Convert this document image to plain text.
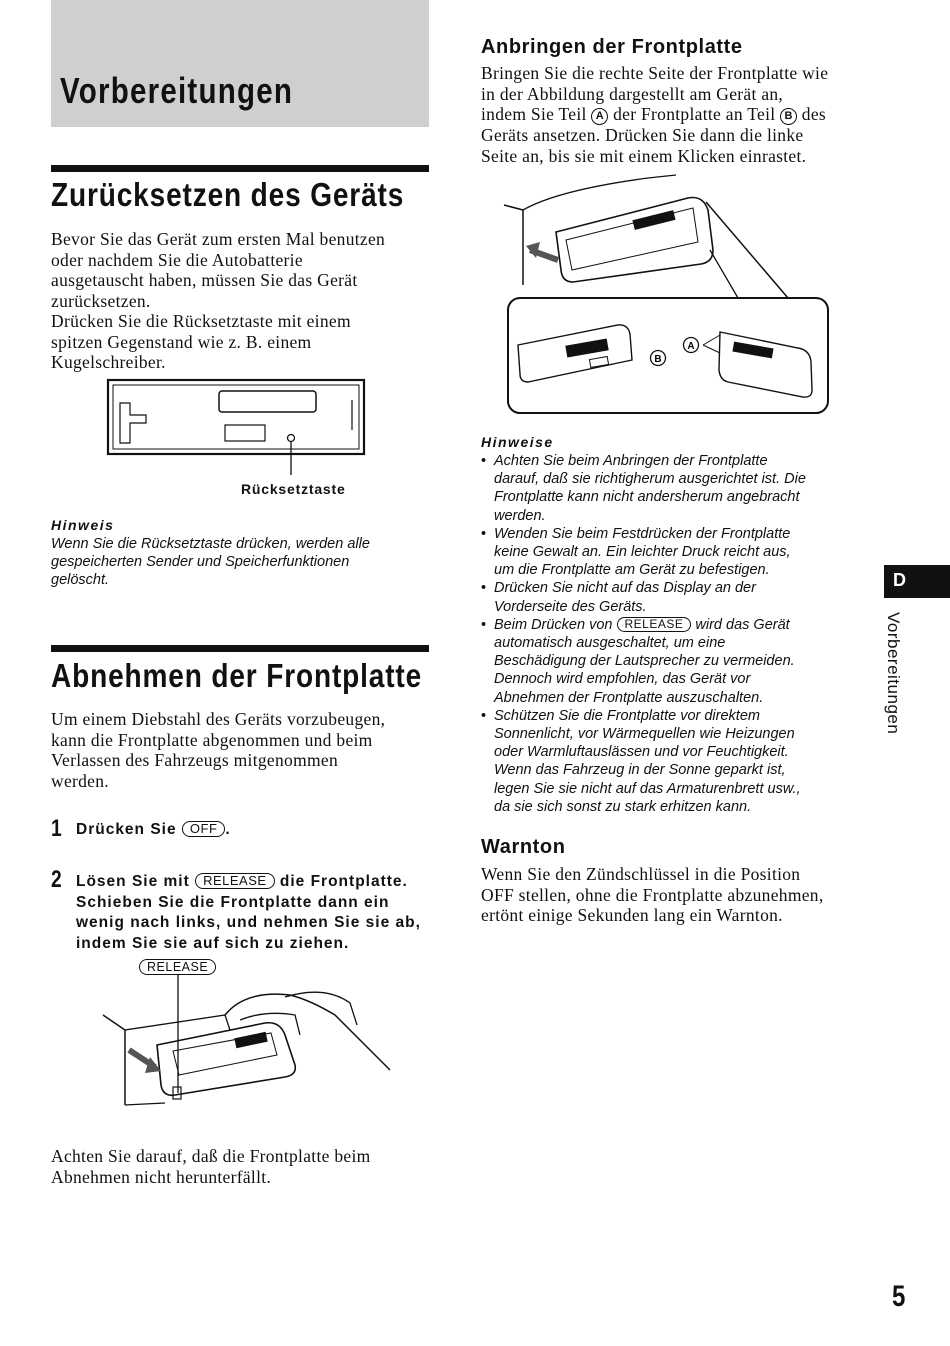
Vorbereitungen
Zurücksetzen des Geräts
Bevor Sie das Gerät zum ersten Mal benutzen
oder nachdem Sie die Autobatterie
ausgetauscht haben, müssen Sie das Gerät
zurücksetzen.
Drücken Sie die Rücksetztaste mit einem
spitzen Gegenstand wie z. B. einem
Kugelschreiber.
Rücksetztaste
Hinweis
Wenn Sie die Rücksetztaste drücken, werden alle
gespeicherten Sender und Speicherfunktionen
gelöscht.
Abnehmen der Frontplatte
Um einem Diebstahl des Geräts vorzubeugen,
kann die Frontplatte abgenommen und beim
Verlassen des Fahrzeugs mitgenommen
werden.
1 Drücken Sie OFF .
2 Lösen Sie mit RELEASE die Frontplatte.
Schieben Sie die Frontplatte dann ein
wenig nach links, und nehmen Sie sie ab,
indem Sie sie auf sich zu ziehen.
RELEASE
Achten Sie darauf, daß die Frontplatte beim
Abnehmen nicht herunterfällt.
Anbringen der Frontplatte
Bringen Sie die rechte Seite der Frontplatte wie
in der Abbildung dargestellt am Gerät an,
indem Sie Teil A der Frontplatte an Teil B des
Geräts ansetzen. Drücken Sie dann die linke
Seite an, bis sie mit einem Klicken einrastet.
B
A
Hinweise
• Achten Sie beim Anbringen der Frontplatte
darauf, daß sie richtigherum ausgerichtet ist. Die
Frontplatte kann nicht andersherum angebracht
werden.
• Wenden Sie beim Festdrücken der Frontplatte
keine Gewalt an. Ein leichter Druck reicht aus,
um die Frontplatte am Gerät zu befestigen.
• Drücken Sie nicht auf das Display an der
Vorderseite des Geräts.
• Beim Drücken von RELEASE wird das Gerät
automatisch ausgeschaltet, um eine
Beschädigung der Lautsprecher zu vermeiden.
Dennoch wird empfohlen, das Gerät vor
Abnehmen der Frontplatte auszuschalten.
• Schützen Sie die Frontplatte vor direktem
Sonnenlicht, vor Wärmequellen wie Heizungen
oder Warmluftauslässen und vor Feuchtigkeit.
Wenn das Fahrzeug in der Sonne geparkt ist,
legen Sie sie nicht auf das Armaturenbrett usw.,
da sie sich sonst zu stark erhitzen kann.
Warnton
Wenn Sie den Zündschlüssel in die Position
OFF stellen, ohne die Frontplatte abzunehmen,
ertönt einige Sekunden lang ein Warnton.
D
Vorbereitungen
5
